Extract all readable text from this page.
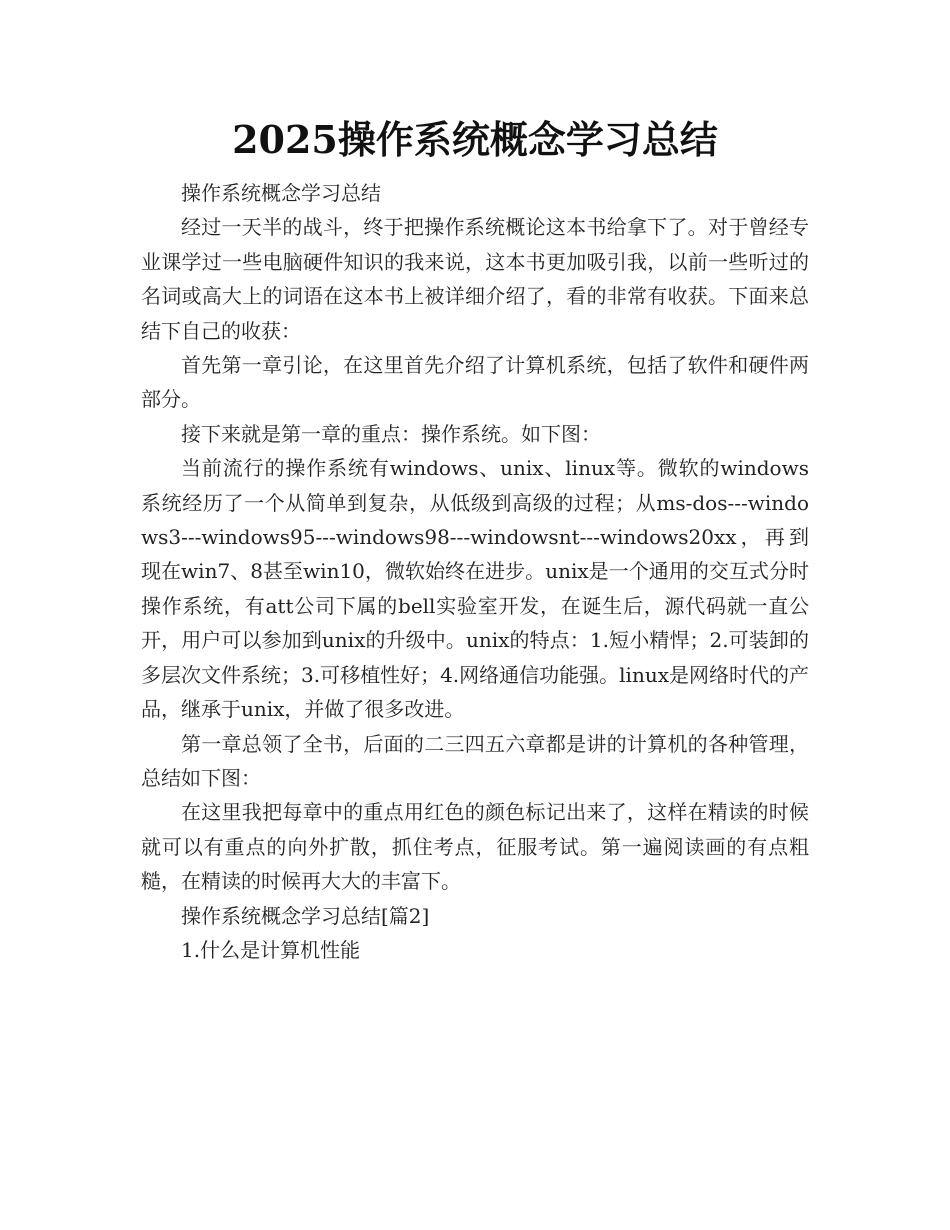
2025操作系统概念学习总结

操作系统概念学习总结

经过一天半的战斗，终于把操作系统概论这本书给拿下了。对于曾经专业课学过一些电脑硬件知识的我来说，这本书更加吸引我，以前一些听过的名词或高大上的词语在这本书上被详细介绍了，看的非常有收获。下面来总结下自己的收获：

首先第一章引论，在这里首先介绍了计算机系统，包括了软件和硬件两部分。

接下来就是第一章的重点：操作系统。如下图：

当前流行的操作系统有windows、unix、linux等。微软的windows系统经历了一个从简单到复杂，从低级到高级的过程；从ms-dos---windows3---windows95---windows98---windowsnt---windows20xx，再到现在win7、8甚至win10，微软始终在进步。unix是一个通用的交互式分时操作系统，有att公司下属的bell实验室开发，在诞生后，源代码就一直公开，用户可以参加到unix的升级中。unix的特点：1.短小精悍；2.可装卸的多层次文件系统；3.可移植性好；4.网络通信功能强。linux是网络时代的产品，继承于unix，并做了很多改进。

第一章总领了全书，后面的二三四五六章都是讲的计算机的各种管理，总结如下图：

在这里我把每章中的重点用红色的颜色标记出来了，这样在精读的时候就可以有重点的向外扩散，抓住考点，征服考试。第一遍阅读画的有点粗糙，在精读的时候再大大的丰富下。

操作系统概念学习总结[篇2]

1.什么是计算机性能
